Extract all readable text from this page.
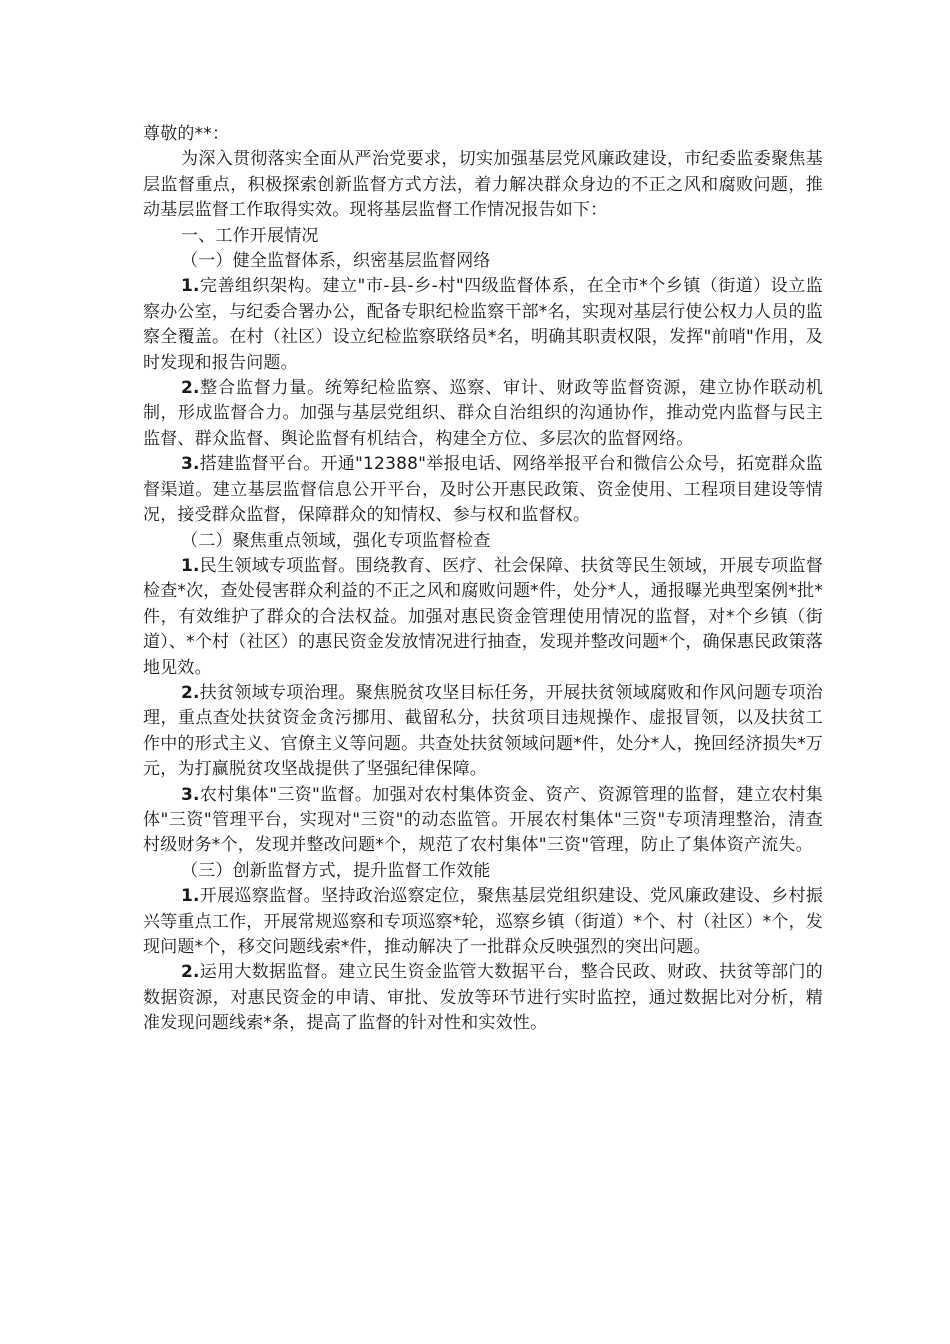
尊敬的**：

为深入贯彻落实全面从严治党要求，切实加强基层党风廉政建设，市纪委监委聚焦基层监督重点，积极探索创新监督方式方法，着力解决群众身边的不正之风和腐败问题，推动基层监督工作取得实效。现将基层监督工作情况报告如下：

一、工作开展情况

（一）健全监督体系，织密基层监督网络

1.完善组织架构。建立"市-县-乡-村"四级监督体系，在全市*个乡镇（街道）设立监察办公室，与纪委合署办公，配备专职纪检监察干部*名，实现对基层行使公权力人员的监察全覆盖。在村（社区）设立纪检监察联络员*名，明确其职责权限，发挥"前哨"作用，及时发现和报告问题。

2.整合监督力量。统筹纪检监察、巡察、审计、财政等监督资源，建立协作联动机制，形成监督合力。加强与基层党组织、群众自治组织的沟通协作，推动党内监督与民主监督、群众监督、舆论监督有机结合，构建全方位、多层次的监督网络。

3.搭建监督平台。开通"12388"举报电话、网络举报平台和微信公众号，拓宽群众监督渠道。建立基层监督信息公开平台，及时公开惠民政策、资金使用、工程项目建设等情况，接受群众监督，保障群众的知情权、参与权和监督权。

（二）聚焦重点领域，强化专项监督检查

1.民生领域专项监督。围绕教育、医疗、社会保障、扶贫等民生领域，开展专项监督检查*次，查处侵害群众利益的不正之风和腐败问题*件，处分*人，通报曝光典型案例*批*件，有效维护了群众的合法权益。加强对惠民资金管理使用情况的监督，对*个乡镇（街道）、*个村（社区）的惠民资金发放情况进行抽查，发现并整改问题*个，确保惠民政策落地见效。

2.扶贫领域专项治理。聚焦脱贫攻坚目标任务，开展扶贫领域腐败和作风问题专项治理，重点查处扶贫资金贪污挪用、截留私分，扶贫项目违规操作、虚报冒领，以及扶贫工作中的形式主义、官僚主义等问题。共查处扶贫领域问题*件，处分*人，挽回经济损失*万元，为打赢脱贫攻坚战提供了坚强纪律保障。

3.农村集体"三资"监督。加强对农村集体资金、资产、资源管理的监督，建立农村集体"三资"管理平台，实现对"三资"的动态监管。开展农村集体"三资"专项清理整治，清查村级财务*个，发现并整改问题*个，规范了农村集体"三资"管理，防止了集体资产流失。

（三）创新监督方式，提升监督工作效能

1.开展巡察监督。坚持政治巡察定位，聚焦基层党组织建设、党风廉政建设、乡村振兴等重点工作，开展常规巡察和专项巡察*轮，巡察乡镇（街道）*个、村（社区）*个，发现问题*个，移交问题线索*件，推动解决了一批群众反映强烈的突出问题。

2.运用大数据监督。建立民生资金监管大数据平台，整合民政、财政、扶贫等部门的数据资源，对惠民资金的申请、审批、发放等环节进行实时监控，通过数据比对分析，精准发现问题线索*条，提高了监督的针对性和实效性。
